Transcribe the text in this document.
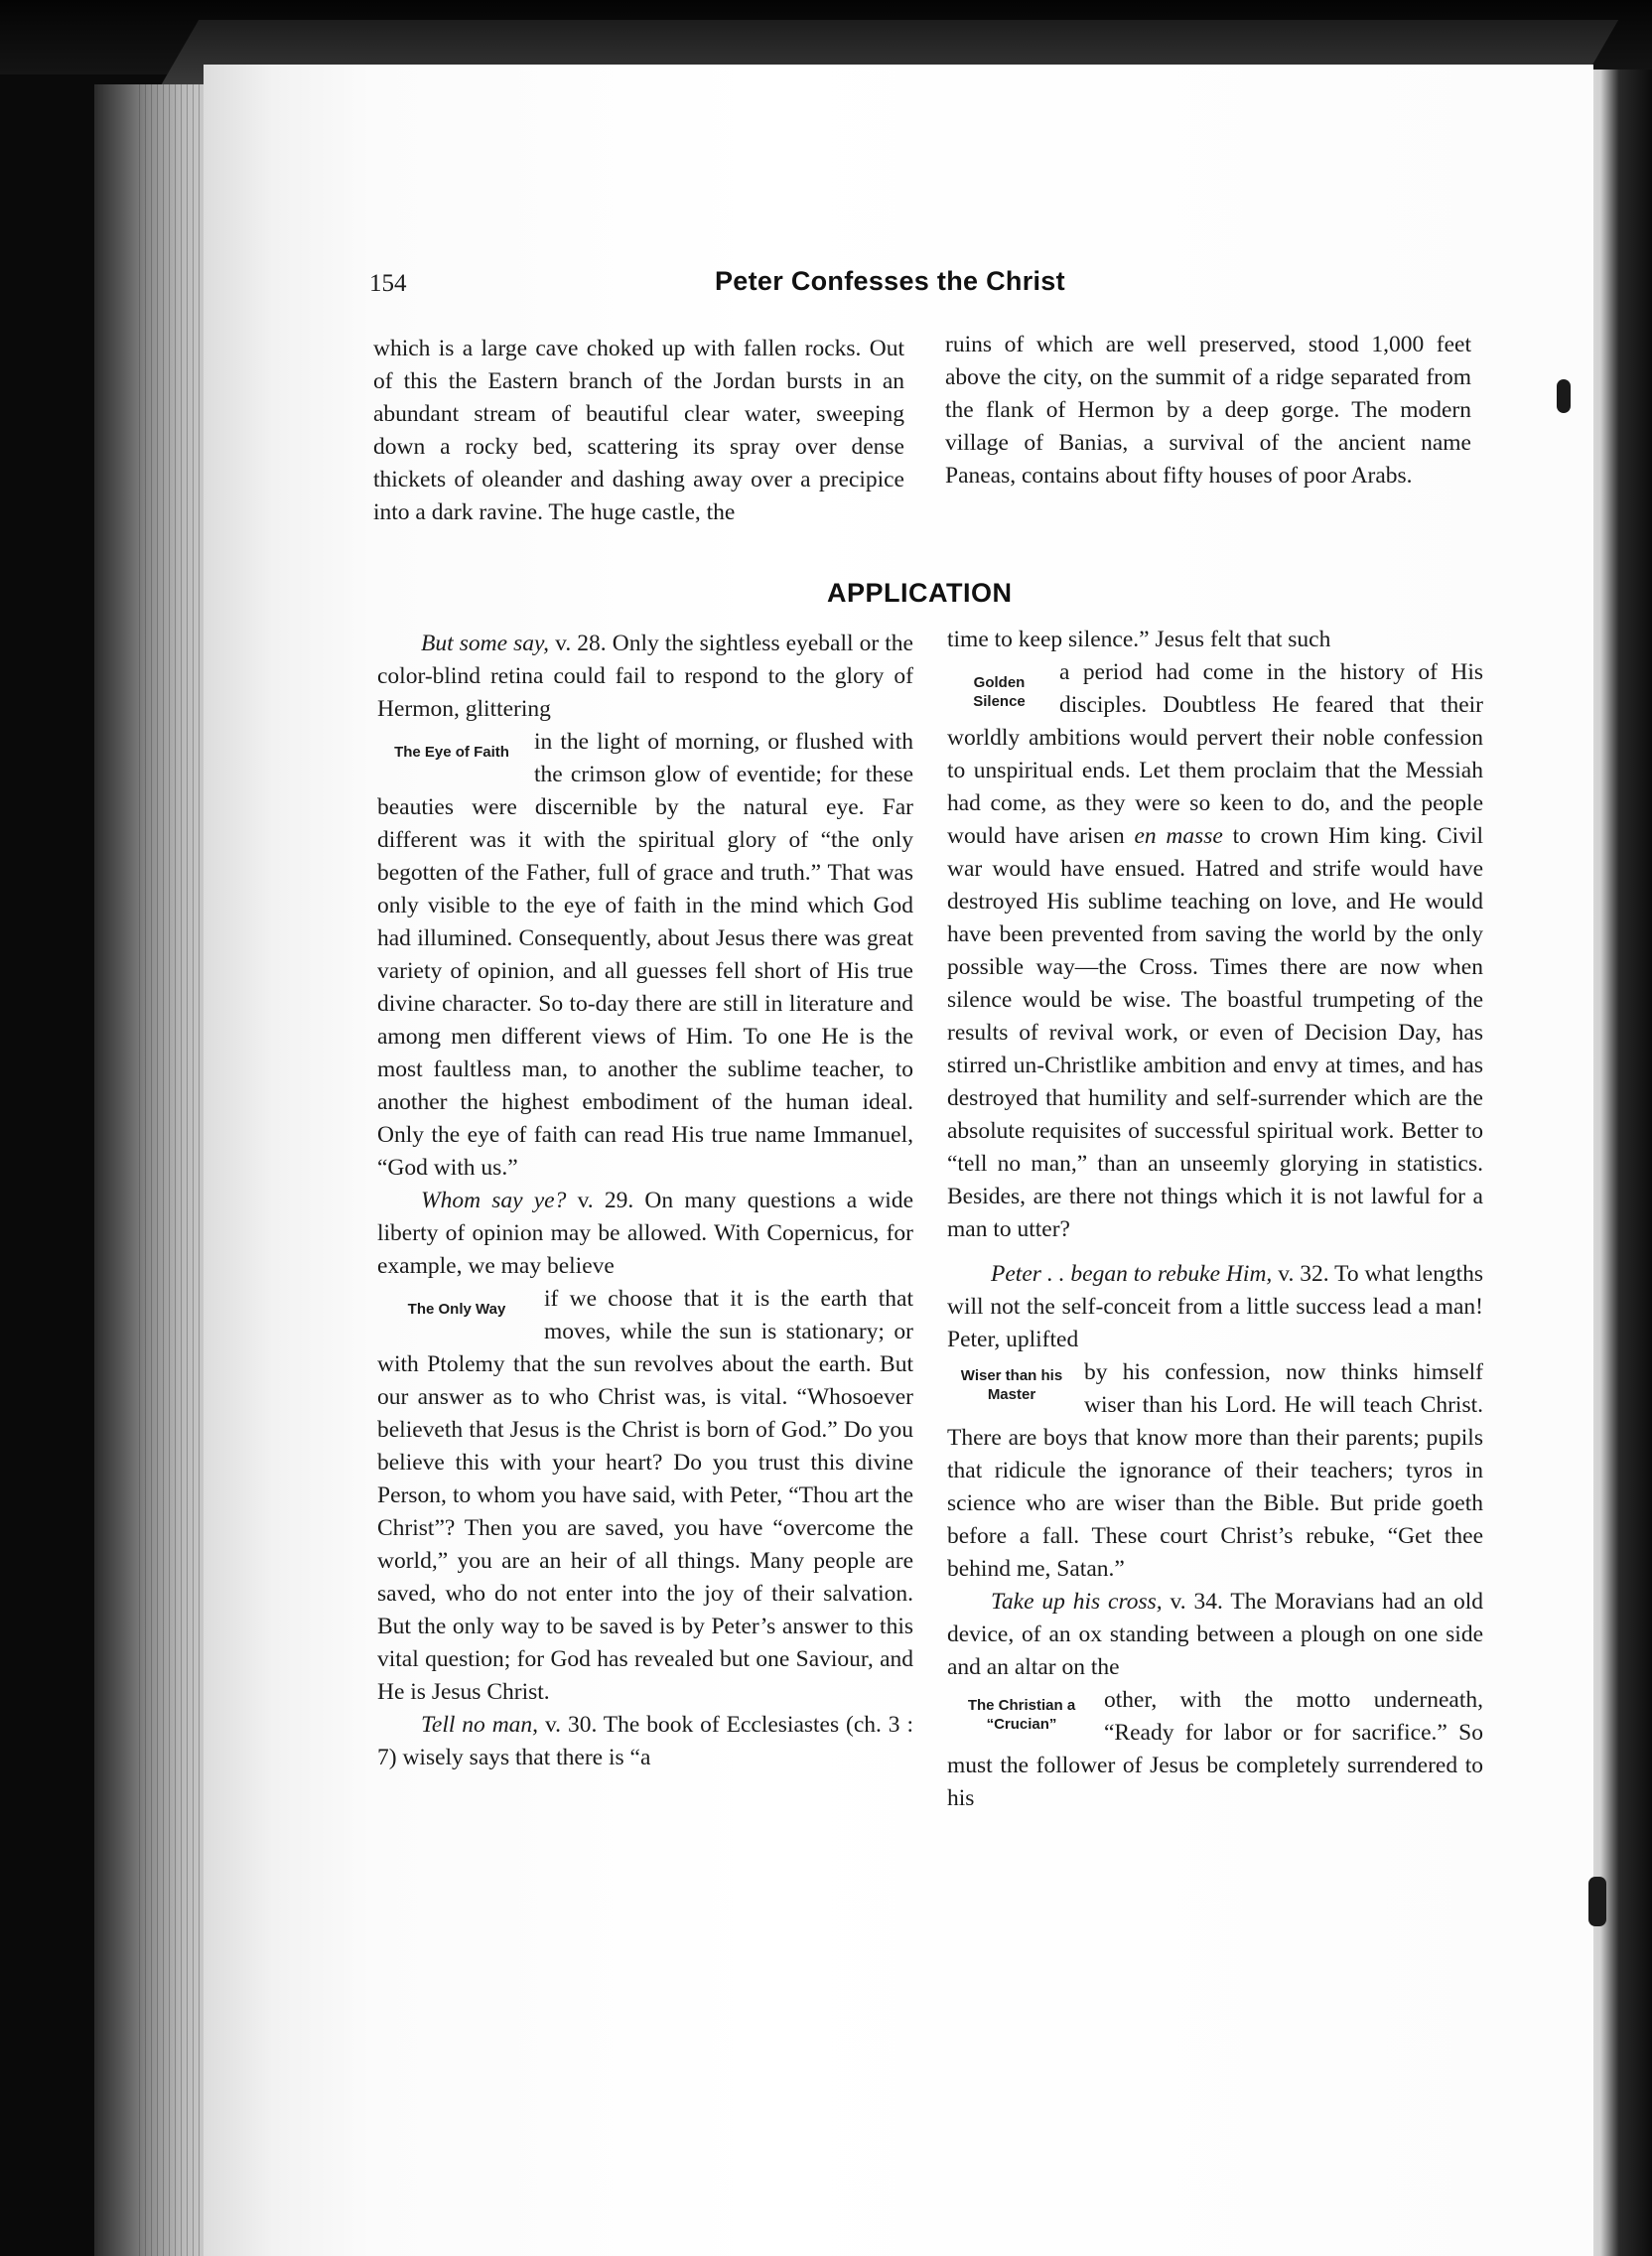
154	Peter Confesses the Christ

which is a large cave choked up with fallen rocks. Out of this the Eastern branch of the Jordan bursts in an abundant stream of beautiful clear water, sweeping down a rocky bed, scattering its spray over dense thickets of oleander and dashing away over a precipice into a dark ravine. The huge castle, the

ruins of which are well preserved, stood 1,000 feet above the city, on the summit of a ridge separated from the flank of Hermon by a deep gorge. The modern village of Banias, a survival of the ancient name Paneas, contains about fifty houses of poor Arabs.

APPLICATION

But some say, v. 28. Only the sightless eyeball or the color-blind retina could fail to respond to the glory of Hermon, glittering

The Eye of Faith	in the light of morning, or flushed with the crimson glow of eventide; for these beauties were discernible by the natural eye. Far different was it with the spiritual glory of “the only begotten of the Father, full of grace and truth.” That was only visible to the eye of faith in the mind which God had illumined. Consequently, about Jesus there was great variety of opinion, and all guesses fell short of His true divine character. So to-day there are still in literature and among men different views of Him. To one He is the most faultless man, to another the sublime teacher, to another the highest embodiment of the human ideal. Only the eye of faith can read His true name Immanuel, “God with us.”

Whom say ye? v. 29. On many questions a wide liberty of opinion may be allowed. With Copernicus, for example, we may believe

The Only Way	if we choose that it is the earth that moves, while the sun is stationary; or with Ptolemy that the sun revolves about the earth. But our answer as to who Christ was, is vital. “Whosoever believeth that Jesus is the Christ is born of God.” Do you believe this with your heart? Do you trust this divine Person, to whom you have said, with Peter, “Thou art the Christ”? Then you are saved, you have “overcome the world,” you are an heir of all things. Many people are saved, who do not enter into the joy of their salvation. But the only way to be saved is by Peter’s answer to this vital question; for God has revealed but one Saviour, and He is Jesus Christ.

Tell no man, v. 30. The book of Ecclesiastes (ch. 3 : 7) wisely says that there is “a

time to keep silence.” Jesus felt that such

Golden Silence
a period had come in the history of His disciples. Doubtless He feared that their worldly ambitions would pervert their noble confession to unspiritual ends. Let them proclaim that the Messiah had come, as they were so keen to do, and the people would have arisen en masse to crown Him king. Civil war would have ensued. Hatred and strife would have destroyed His sublime teaching on love, and He would have been prevented from saving the world by the only possible way—the Cross. Times there are now when silence would be wise. The boastful trumpeting of the results of revival work, or even of Decision Day, has stirred un-Christlike ambition and envy at times, and has destroyed that humility and self-surrender which are the absolute requisites of successful spiritual work. Better to “tell no man,” than an unseemly glorying in statistics. Besides, are there not things which it is not lawful for a man to utter?

Peter . . began to rebuke Him, v. 32. To what lengths will not the self-conceit from a little success lead a man! Peter, uplifted

Wiser than his Master
by his confession, now thinks himself wiser than his Lord. He will teach Christ. There are boys that know more than their parents; pupils that ridicule the ignorance of their teachers; tyros in science who are wiser than the Bible. But pride goeth before a fall. These court Christ’s rebuke, “Get thee behind me, Satan.”

Take up his cross, v. 34. The Moravians had an old device, of an ox standing between a plough on one side and an altar on the

The Christian a “Crucian”
other, with the motto underneath, “Ready for labor or for sacrifice.” So must the follower of Jesus be completely surrendered to his
